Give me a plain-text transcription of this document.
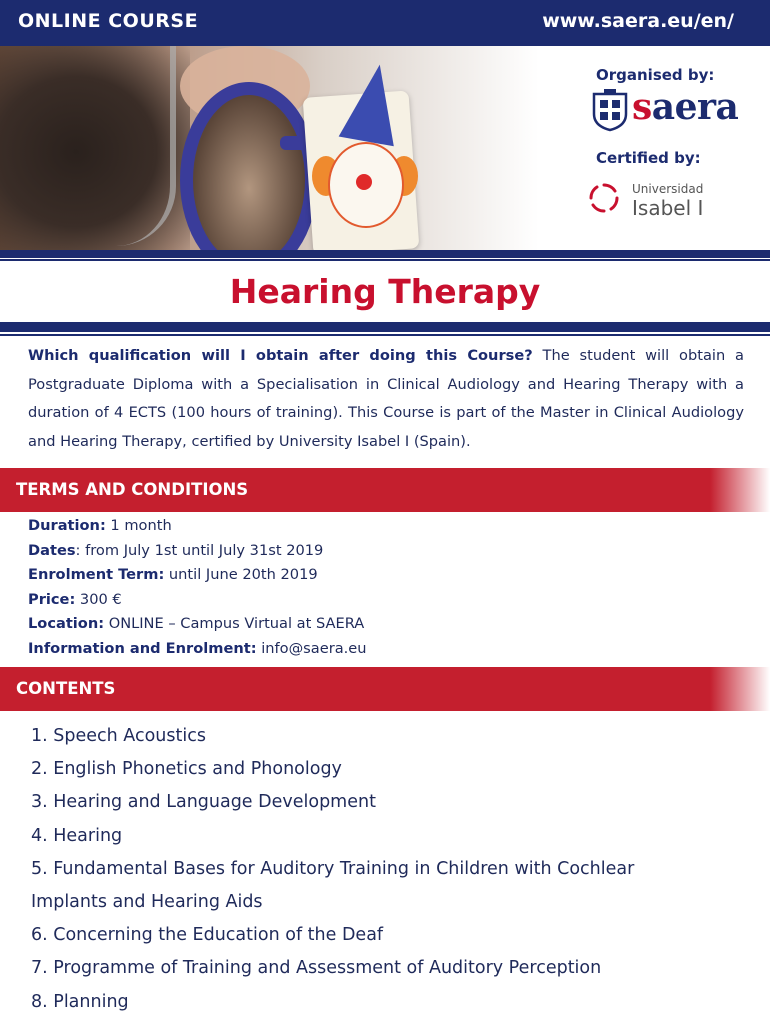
ONLINE COURSE	www.saera.eu/en/
Organised by:
saera
Certified by:
Universidad
Isabel I
Hearing Therapy
Which qualification will I obtain after doing this Course? The student will obtain a Postgraduate Diploma with a Specialisation in Clinical Audiology and Hearing Therapy with a duration of 4 ECTS (100 hours of training). This Course is part of the Master in Clinical Audiology and Hearing Therapy, certified by University Isabel I (Spain).
TERMS AND CONDITIONS
Duration: 1 month
Dates: from July 1st until July 31st 2019
Enrolment Term: until June 20th 2019
Price: 300 €
Location: ONLINE – Campus Virtual at SAERA
Information and Enrolment: info@saera.eu
CONTENTS
1. Speech Acoustics
2. English Phonetics and Phonology
3. Hearing and Language Development
4. Hearing
5. Fundamental Bases for Auditory Training in Children with Cochlear
Implants and Hearing Aids
6. Concerning the Education of the Deaf
7. Programme of Training and Assessment of Auditory Perception
8. Planning
